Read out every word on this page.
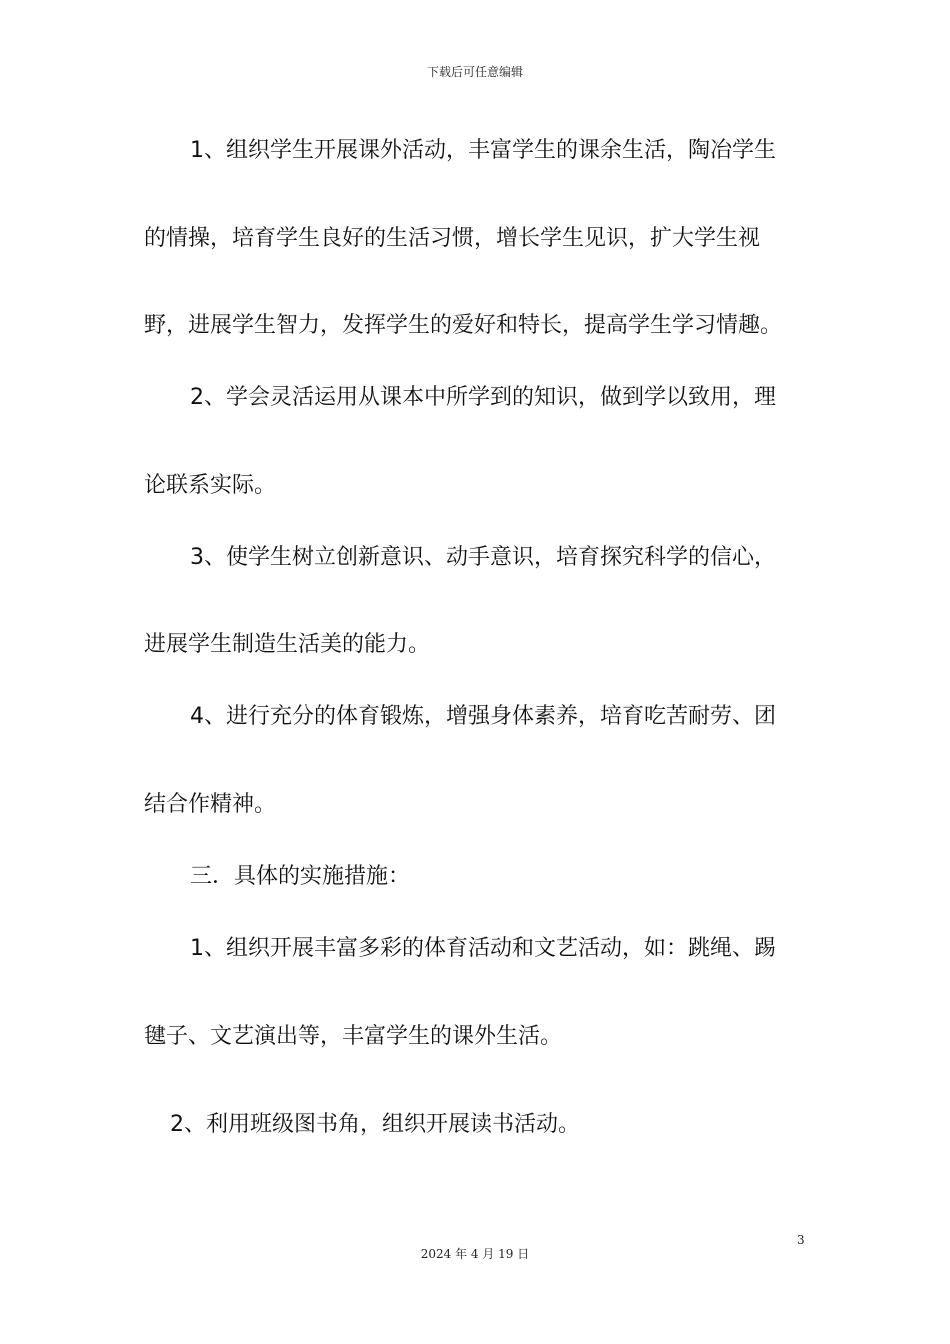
下载后可任意编辑
1、组织学生开展课外活动，丰富学生的课余生活，陶冶学生
的情操，培育学生良好的生活习惯，增长学生见识，扩大学生视
野，进展学生智力，发挥学生的爱好和特长，提高学生学习情趣。
2、学会灵活运用从课本中所学到的知识，做到学以致用，理
论联系实际。
3、使学生树立创新意识、动手意识，培育探究科学的信心，
进展学生制造生活美的能力。
4、进行充分的体育锻炼，增强身体素养，培育吃苦耐劳、团
结合作精神。
三．具体的实施措施：
1、组织开展丰富多彩的体育活动和文艺活动，如：跳绳、踢
毽子、文艺演出等，丰富学生的课外生活。
2、利用班级图书角，组织开展读书活动。
3
2024 年 4 月 19 日
